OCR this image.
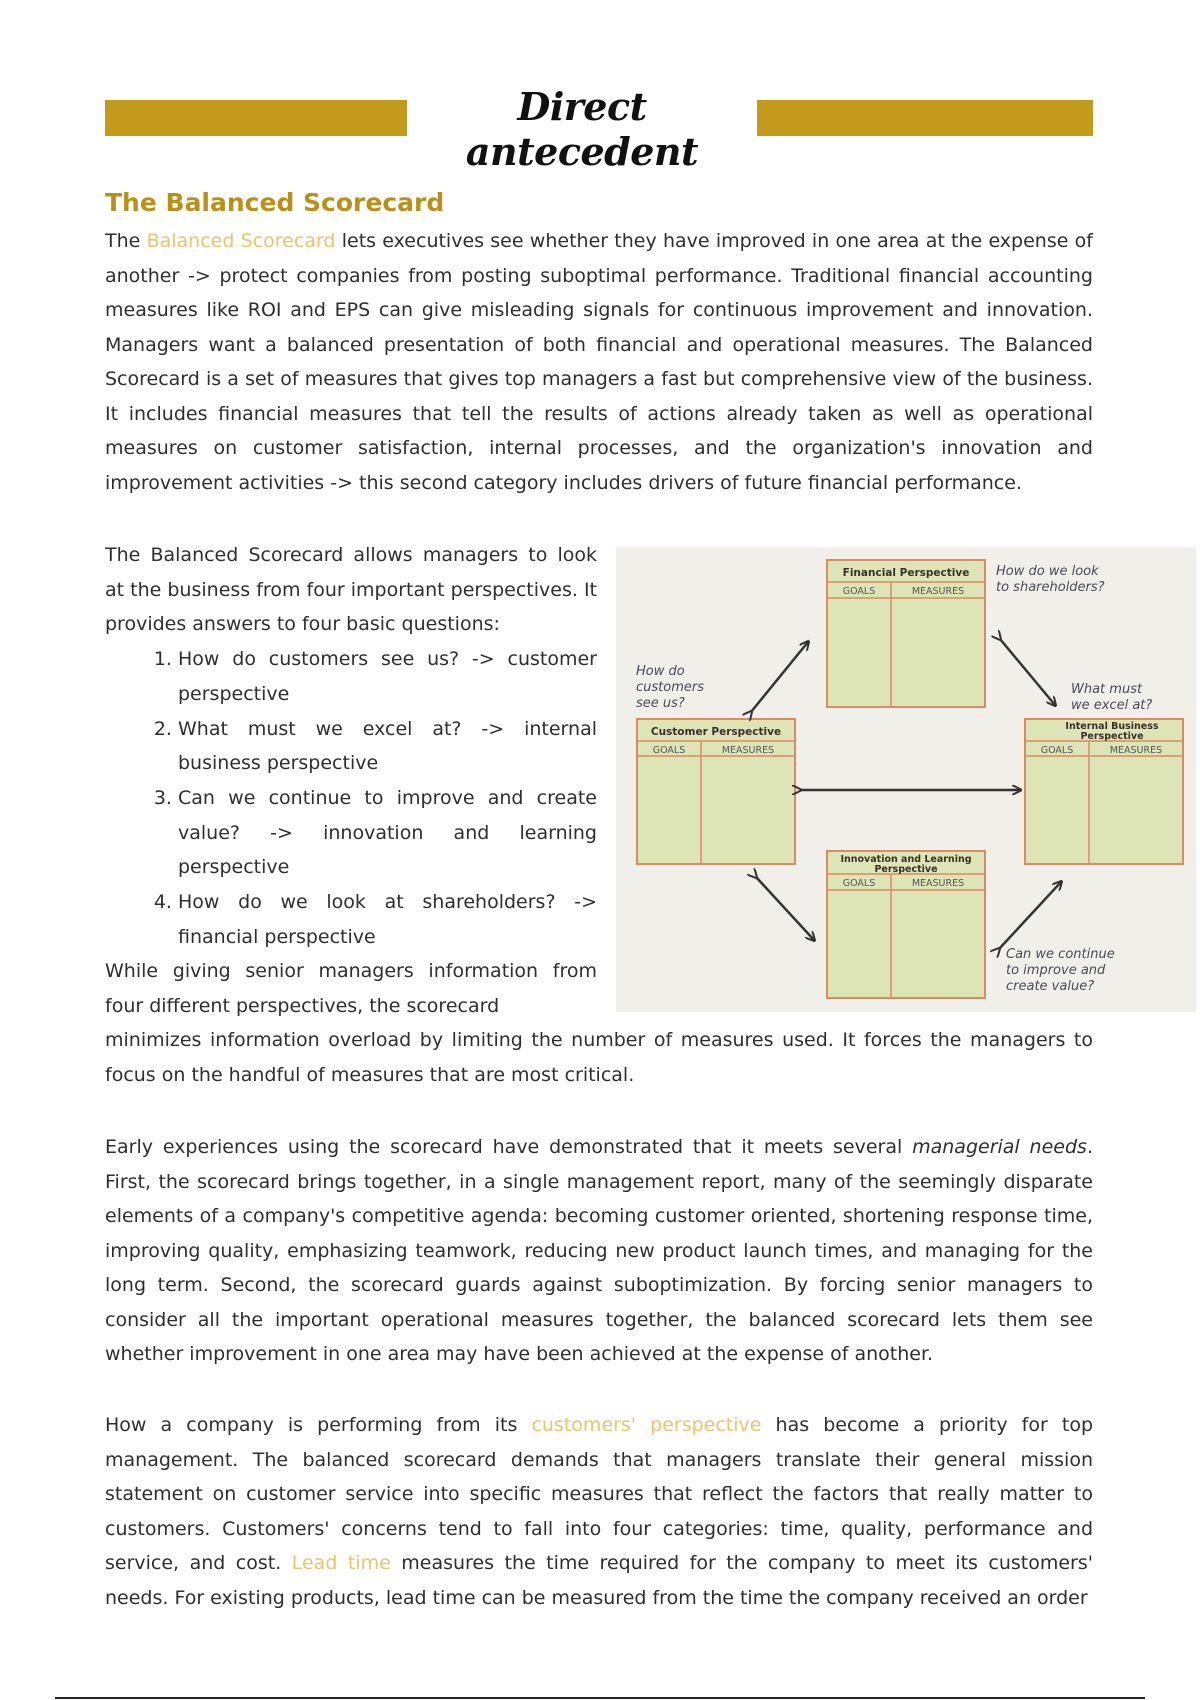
Direct antecedent
The Balanced Scorecard

The Balanced Scorecard lets executives see whether they have improved in one area at the expense of another -> protect companies from posting suboptimal performance. Traditional financial accounting measures like ROI and EPS can give misleading signals for continuous improvement and innovation. Managers want a balanced presentation of both financial and operational measures. The Balanced Scorecard is a set of measures that gives top managers a fast but comprehensive view of the business. It includes financial measures that tell the results of actions already taken as well as operational measures on customer satisfaction, internal processes, and the organization's innovation and improvement activities -> this second category includes drivers of future financial performance.

The Balanced Scorecard allows managers to look at the business from four important perspectives. It provides answers to four basic questions:

1. How do customers see us? -> customer perspective
2. What must we excel at? -> internal business perspective
3. Can we continue to improve and create value? -> innovation and learning perspective
4. How do we look at shareholders? -> financial perspective

While giving senior managers information from four different perspectives, the scorecard

minimizes information overload by limiting the number of measures used. It forces the managers to focus on the handful of measures that are most critical.

Early experiences using the scorecard have demonstrated that it meets several managerial needs. First, the scorecard brings together, in a single management report, many of the seemingly disparate elements of a company's competitive agenda: becoming customer oriented, shortening response time, improving quality, emphasizing teamwork, reducing new product launch times, and managing for the long term. Second, the scorecard guards against suboptimization. By forcing senior managers to consider all the important operational measures together, the balanced scorecard lets them see whether improvement in one area may have been achieved at the expense of another.

How a company is performing from its customers' perspective has become a priority for top management. The balanced scorecard demands that managers translate their general mission statement on customer service into specific measures that reflect the factors that really matter to customers. Customers' concerns tend to fall into four categories: time, quality, performance and service, and cost. Lead time measures the time required for the company to meet its customers' needs. For existing products, lead time can be measured from the time the company received an order

Financial Perspective
GOALS	MEASURES
Customer Perspective
GOALS	MEASURES
Internal Business
Perspective
GOALS	MEASURES
Innovation and Learning
Perspective
GOALS	MEASURES
How do we look
to shareholders?
How do
customers
see us?
What must
we excel at?
Can we continue
to improve and
create value?
